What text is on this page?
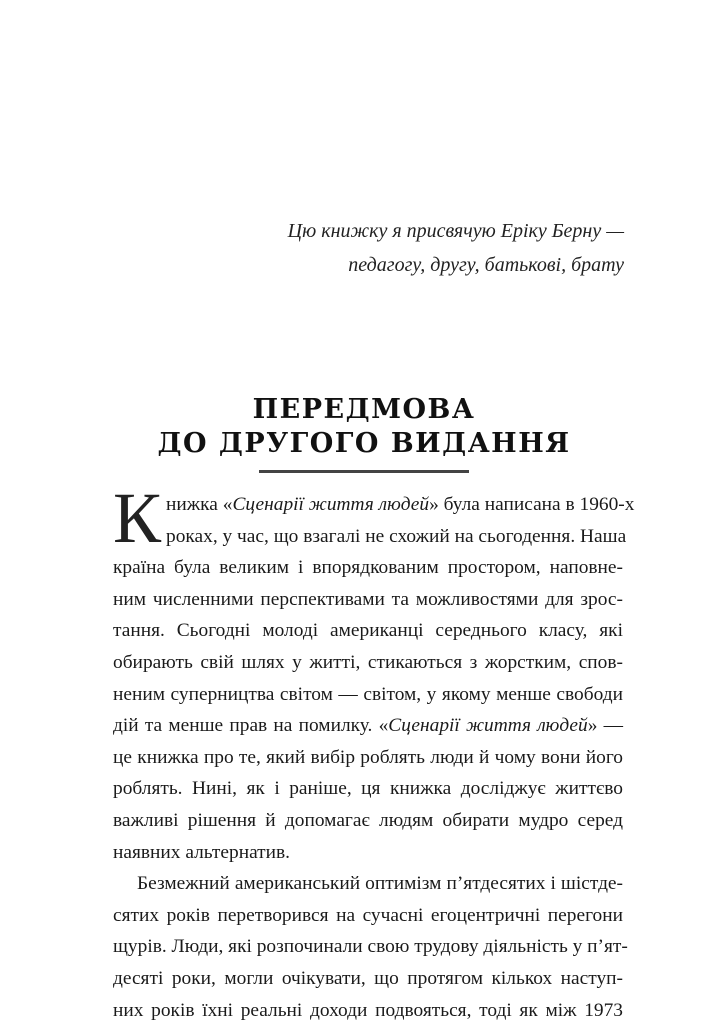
Цю книжку я присвячую Еріку Берну —
педагогу, другу, батькові, брату
ПЕРЕДМОВА
ДО ДРУГОГО ВИДАННЯ
К нижка «Сценарії життя людей» була написана в 1960-х
роках, у час, що взагалі не схожий на сьогодення. Наша
країна була великим і впорядкованим простором, наповне-
ним численними перспективами та можливостями для зрос-
тання. Сьогодні молоді американці середнього класу, які
обирають свій шлях у житті, стикаються з жорстким, спов-
неним суперництва світом — світом, у якому менше свободи
дій та менше прав на помилку. «Сценарії життя людей» —
це книжка про те, який вибір роблять люди й чому вони його
роблять. Нині, як і раніше, ця книжка досліджує життєво
важливі рішення й допомагає людям обирати мудро серед
наявних альтернатив.
Безмежний американський оптимізм п’ятдесятих і шістде-
сятих років перетворився на сучасні егоцентричні перегони
щурів. Люди, які розпочинали свою трудову діяльність у п’ят-
десяті роки, могли очікувати, що протягом кількох наступ-
них років їхні реальні доходи подвояться, тоді як між 1973
